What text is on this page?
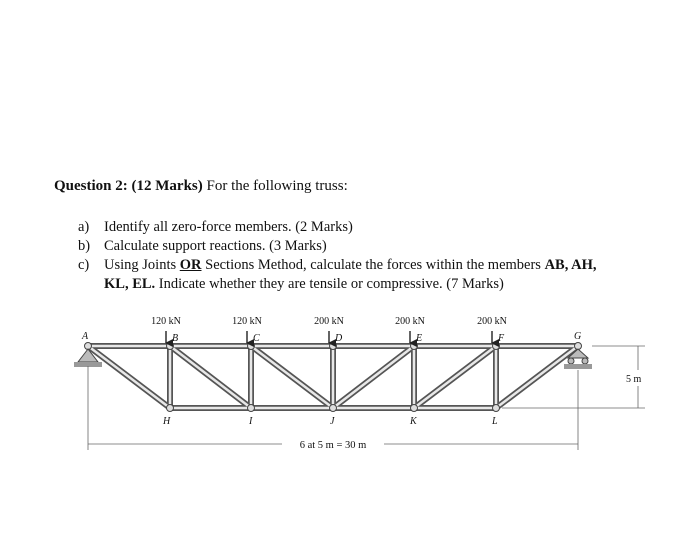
Question 2: (12 Marks) For the following truss:
a)	Identify all zero-force members. (2 Marks)
b) Calculate support reactions. (3 Marks)
c)	Using Joints OR Sections Method, calculate the forces within the members AB, AH,
KL, EL. Indicate whether they are tensile or compressive. (7 Marks)
120 kN	120 kN	200 kN	200 kN	200 kN
A	B	C	D	E	F	G
H	I	J	K	L
5 m
6 at 5 m = 30 m
